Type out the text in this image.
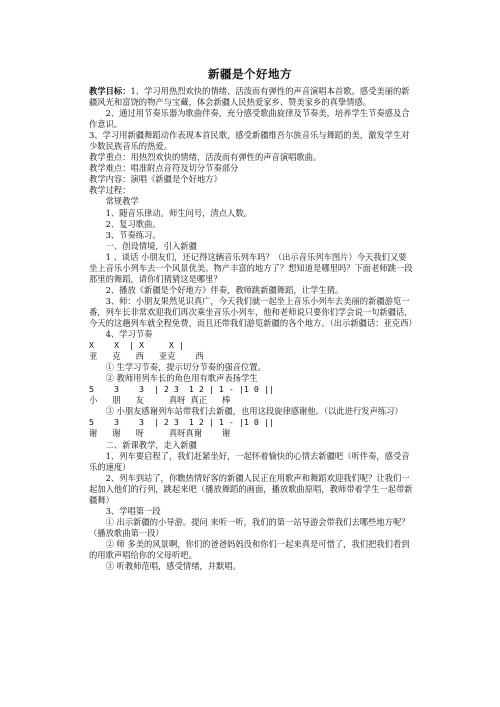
新疆是个好地方

教学目标：1、学习用热烈欢快的情绪、活泼而有弹性的声音演唱本首歌。感受美丽的新疆风光和富饶的物产与宝藏，体会新疆人民热爱家乡、赞美家乡的真挚情感。

2、通过用节奏乐器为歌曲伴奏，充分感受歌曲旋律及节奏美，培养学生节奏感及合作意识。

3、学习用新疆舞蹈动作表现本首民歌，感受新疆维吾尔族音乐与舞蹈的美，激发学生对少数民族音乐的热爱。

教学重点：用热烈欢快的情绪，活泼而有弹性的声音演唱歌曲。

教学难点：唱准附点音符及切分节奏部分

教学内容：演唱《新疆是个好地方》

教学过程：

常规教学

1、随音乐律动。师生问号，清点人数。

2、复习歌曲。

3、节奏练习。

一、创设情境，引入新疆

1 、谈话 小朋友们，还记得这辆音乐列车吗？（出示音乐列车图片）今天我们又要坐上音乐小列车去一个风景优美、物产丰富的地方了？想知道是哪里吗？下面老师跳一段那里的舞蹈，请你们猜猜这是哪里？

2、播放《新疆是个好地方》伴奏，教师跳新疆舞蹈，让学生猜。

3、师：小朋友果然见识真广，今天我们就一起坐上音乐小列车去美丽的新疆游览一番，列车长非常欢迎我们再次乘坐音乐小列车，他和老师说只要你们学会说一句新疆话，今天的这趟列车就全程免费，而且还带我们游览新疆的各个地方。（出示新疆话：亚克西）

4、学习节奏

X    X  | X     X |

亚   克   西   亚克    西

① 生学习节奏，提示切分节奏的强音位置。

② 教师用列车长的角色用有歌声表扬学生

5    3    3  | 2 3  1 2 | 1 - |1 0 ||

小   朋   友     真呀 真正   棒

③ 小朋友感谢列车站带我们去新疆，也用这段旋律感谢他。（以此进行发声练习）

5    3    3  | 2 3  1 2 | 1 - |1 0 ||

谢   谢   呀     真呀真谢    谢

二、新课教学，走入新疆

1、列车要启程了，我们赶紧坐好，一起怀着愉快的心情去新疆吧（听伴奏，感受音乐的速度）

2、列车到站了，你瞧热情好客的新疆人民正在用歌声和舞蹈欢迎我们呢？让我们一起加入他们的行列，跳起来吧（播放舞蹈的画面，播放歌曲原唱，教师带着学生一起带新疆舞）

3、学唱第一段

① 出示新疆的小导游。提问 来听一听，我们的第一站导游会带我们去哪些地方呢？（播放歌曲第一段）

② 师 多美的风景啊，你们的爸爸妈妈没和你们一起来真是可惜了，我们把我们看到的用歌声唱给你的父母听吧。

③ 听教师范唱，感受情绪，并默唱。
